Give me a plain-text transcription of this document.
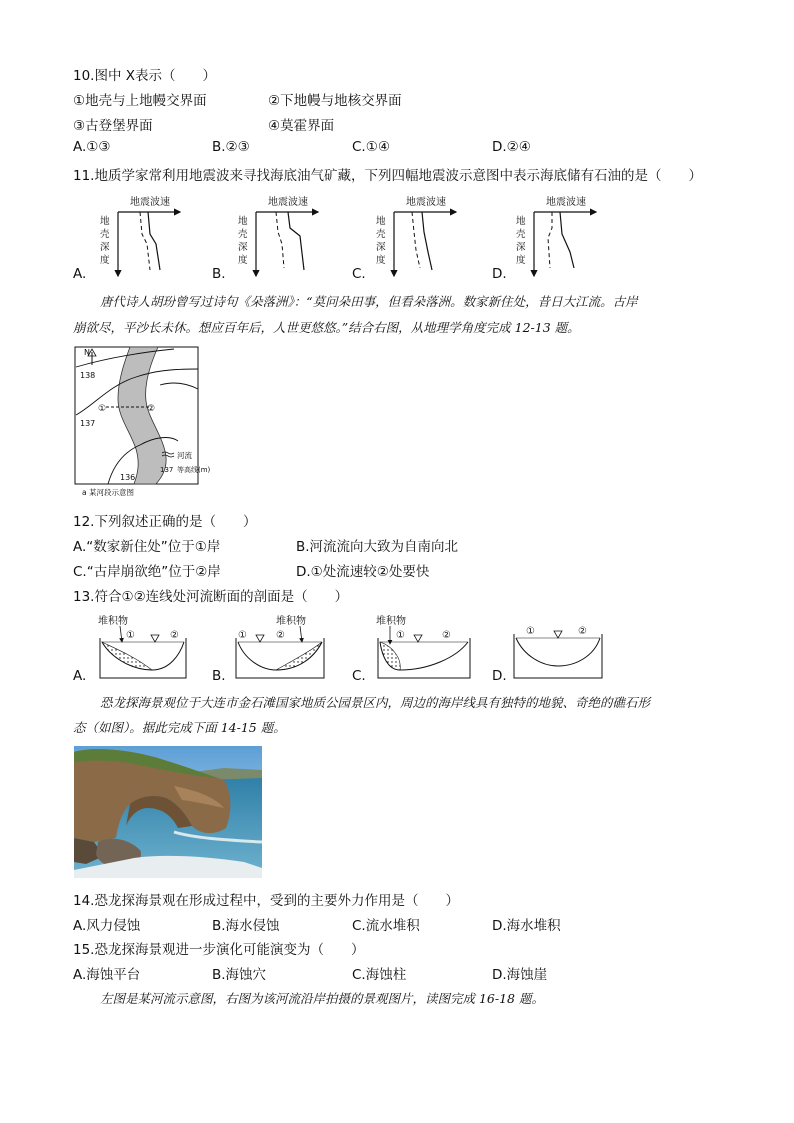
10.图中 X表示（　　）
①地壳与上地幔交界面	②下地幔与地核交界面
③古登堡界面	④莫霍界面
A.①③	B.②③	C.①④	D.②④
11.地质学家常利用地震波来寻找海底油气矿藏，下列四幅地震波示意图中表示海底储有石油的是（　　）
地震波速
地
壳
深
度
地震波速
地
壳
深
度
地震波速
地
壳
深
度
地震波速
地
壳
深
度
A.	B.	C.	D.
唐代诗人胡玢曾写过诗句《朵落洲》：“莫问朵田事，但看朵落洲。数家新住处，昔日大江流。古岸
崩欲尽，平沙长未休。想应百年后，人世更悠悠。”结合右图，从地理学角度完成 12-13 题。
N
138
137
136
①	②
河流
137 等高线(m)
a 某河段示意图
12.下列叙述正确的是（　　）
A.“数家新住处”位于①岸	B.河流流向大致为自南向北
C.“古岸崩欲绝”位于②岸	D.①处流速较②处要快
13.符合①②连线处河流断面的剖面是（　　）
堆积物
①	②
堆积物
①	②
堆积物
①	②	①	②
A.	B.	C.	D.
恐龙探海景观位于大连市金石滩国家地质公园景区内，周边的海岸线具有独特的地貌、奇绝的礁石形
态（如图）。据此完成下面 14-15 题。
14.恐龙探海景观在形成过程中，受到的主要外力作用是（　　）
A.风力侵蚀	B.海水侵蚀	C.流水堆积	D.海水堆积
15.恐龙探海景观进一步演化可能演变为（　　）
A.海蚀平台	B.海蚀穴	C.海蚀柱	D.海蚀崖
左图是某河流示意图，右图为该河流沿岸拍摄的景观图片，读图完成 16-18 题。
